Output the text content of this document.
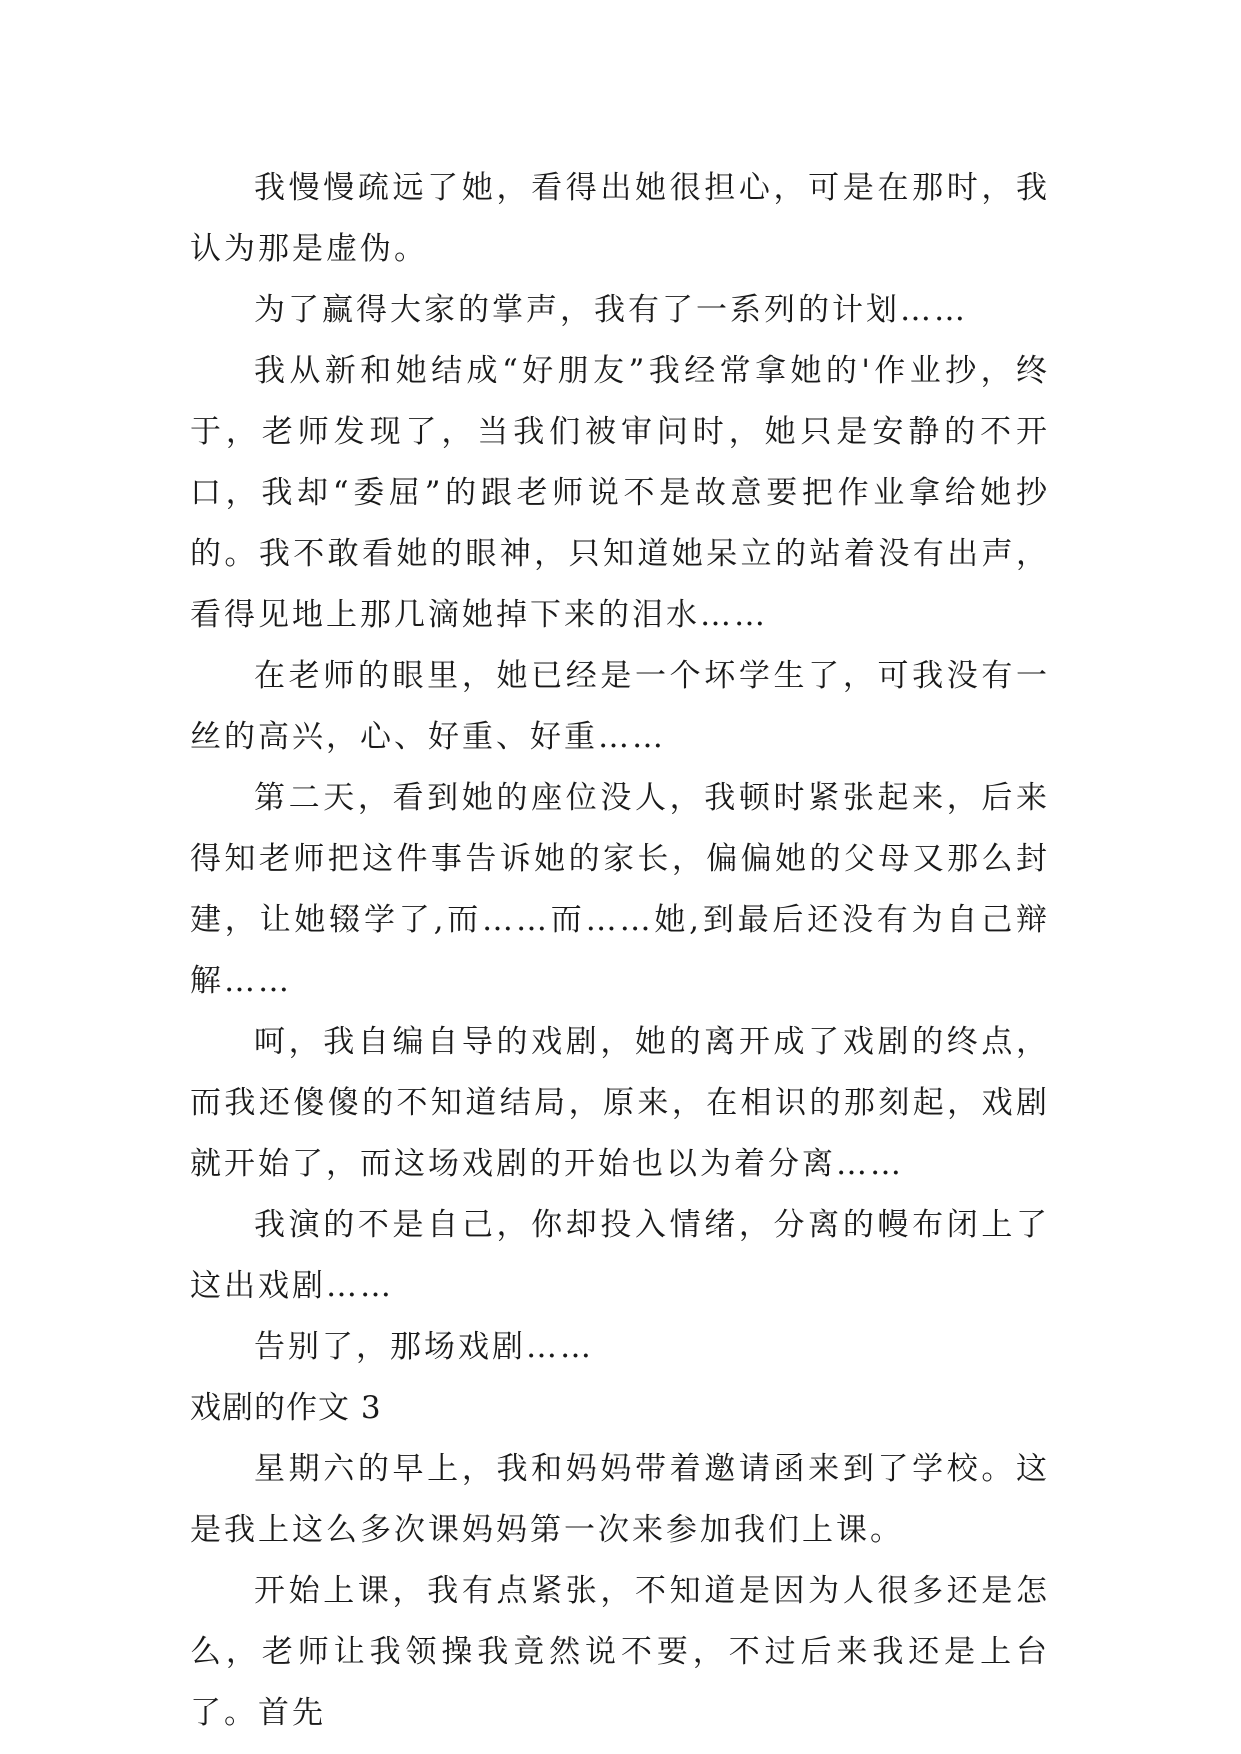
我慢慢疏远了她，看得出她很担心，可是在那时，我认为那是虚伪。

为了赢得大家的掌声，我有了一系列的计划……

我从新和她结成“好朋友”我经常拿她的'作业抄，终于，老师发现了，当我们被审问时，她只是安静的不开口，我却“委屈”的跟老师说不是故意要把作业拿给她抄的。我不敢看她的眼神，只知道她呆立的站着没有出声，看得见地上那几滴她掉下来的泪水……

在老师的眼里，她已经是一个坏学生了，可我没有一丝的高兴，心、好重、好重……

第二天，看到她的座位没人，我顿时紧张起来，后来得知老师把这件事告诉她的家长，偏偏她的父母又那么封建，让她辍学了,而……而……她,到最后还没有为自己辩解……

呵，我自编自导的戏剧，她的离开成了戏剧的终点，而我还傻傻的不知道结局，原来，在相识的那刻起，戏剧就开始了，而这场戏剧的开始也以为着分离……

我演的不是自己，你却投入情绪，分离的幔布闭上了这出戏剧……

告别了，那场戏剧……

戏剧的作文 3

星期六的早上，我和妈妈带着邀请函来到了学校。这是我上这么多次课妈妈第一次来参加我们上课。

开始上课，我有点紧张，不知道是因为人很多还是怎么，老师让我领操我竟然说不要，不过后来我还是上台了。首先
